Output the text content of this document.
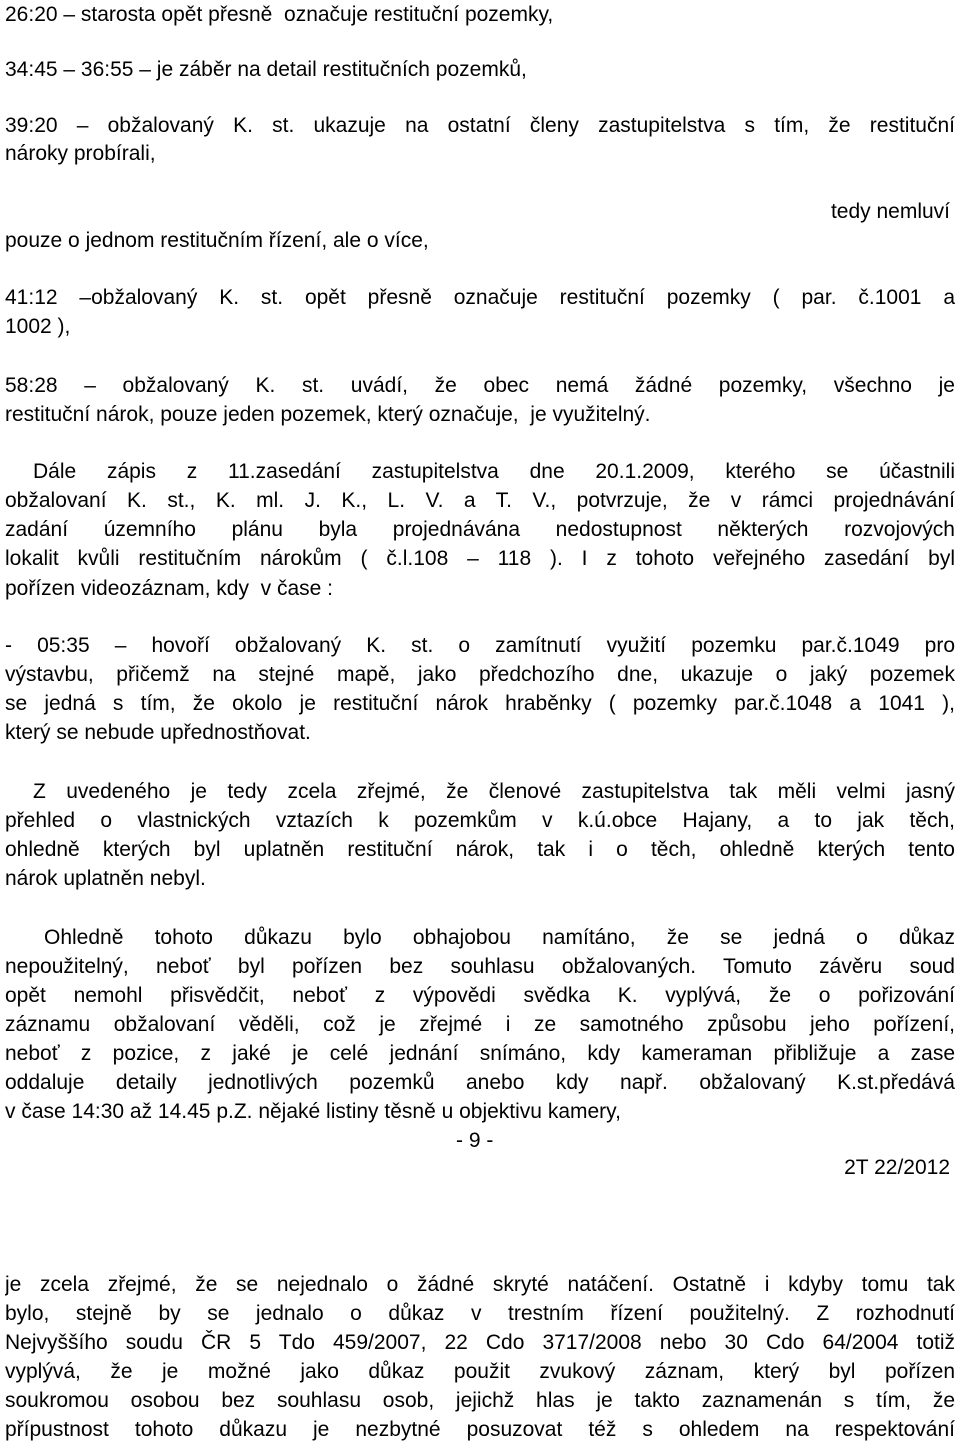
26:20 – starosta opět přesně  označuje restituční pozemky,
34:45 – 36:55 – je záběr na detail restitučních pozemků,
39:20 – obžalovaný K. st. ukazuje na ostatní členy zastupitelstva s tím, že restituční
nároky probírali,

tedy nemluví

pouze o jednom restitučním řízení, ale o více,
41:12 –obžalovaný K. st. opět přesně označuje restituční pozemky ( par. č.1001 a
1002 ),
58:28 – obžalovaný K. st. uvádí, že obec nemá žádné pozemky, všechno je
restituční nárok, pouze jeden pozemek, který označuje,  je využitelný.
Dále zápis z 11.zasedání zastupitelstva dne 20.1.2009, kterého se účastnili
obžalovaní K. st., K. ml. J. K., L. V. a T. V., potvrzuje, že v rámci projednávání
zadání územního plánu byla projednávána nedostupnost některých rozvojových
lokalit kvůli restitučním nárokům ( č.l.108 – 118 ). I z tohoto veřejného zasedání byl
pořízen videozáznam, kdy  v čase :
- 05:35 – hovoří obžalovaný K. st. o zamítnutí využití pozemku par.č.1049 pro
výstavbu, přičemž na stejné mapě, jako předchozího dne, ukazuje o jaký pozemek
se jedná s tím, že okolo je restituční nárok hraběnky ( pozemky par.č.1048 a 1041 ),
který se nebude upřednostňovat.
Z uvedeného je tedy zcela zřejmé, že členové zastupitelstva tak měli velmi jasný
přehled o vlastnických vztazích k pozemkům v k.ú.obce Hajany, a to jak těch,
ohledně kterých byl uplatněn restituční nárok, tak i o těch, ohledně kterých tento
nárok uplatněn nebyl.
Ohledně tohoto důkazu bylo obhajobou namítáno, že se jedná o důkaz
nepoužitelný, neboť byl pořízen bez souhlasu obžalovaných. Tomuto závěru soud
opět nemohl přisvědčit, neboť z výpovědi svědka K. vyplývá, že o pořizování
záznamu obžalovaní věděli, což je zřejmé i ze samotného způsobu jeho pořízení,
neboť z pozice, z jaké je celé jednání snímáno, kdy kameraman přibližuje a zase
oddaluje detaily jednotlivých pozemků anebo kdy např. obžalovaný K.st.předává
v čase 14:30 až 14.45 p.Z. nějaké listiny těsně u objektivu kamery,
- 9 -

2T 22/2012

je zcela zřejmé, že se nejednalo o žádné skryté natáčení. Ostatně i kdyby tomu tak
bylo, stejně by se jednalo o důkaz v trestním řízení použitelný. Z rozhodnutí
Nejvyššího soudu ČR 5 Tdo 459/2007, 22 Cdo 3717/2008 nebo 30 Cdo 64/2004 totiž
vyplývá, že je možné jako důkaz použit zvukový záznam, který byl pořízen
soukromou osobou bez souhlasu osob, jejichž hlas je takto zaznamenán s tím, že
přípustnost tohoto důkazu je nezbytné posuzovat též s ohledem na respektování
